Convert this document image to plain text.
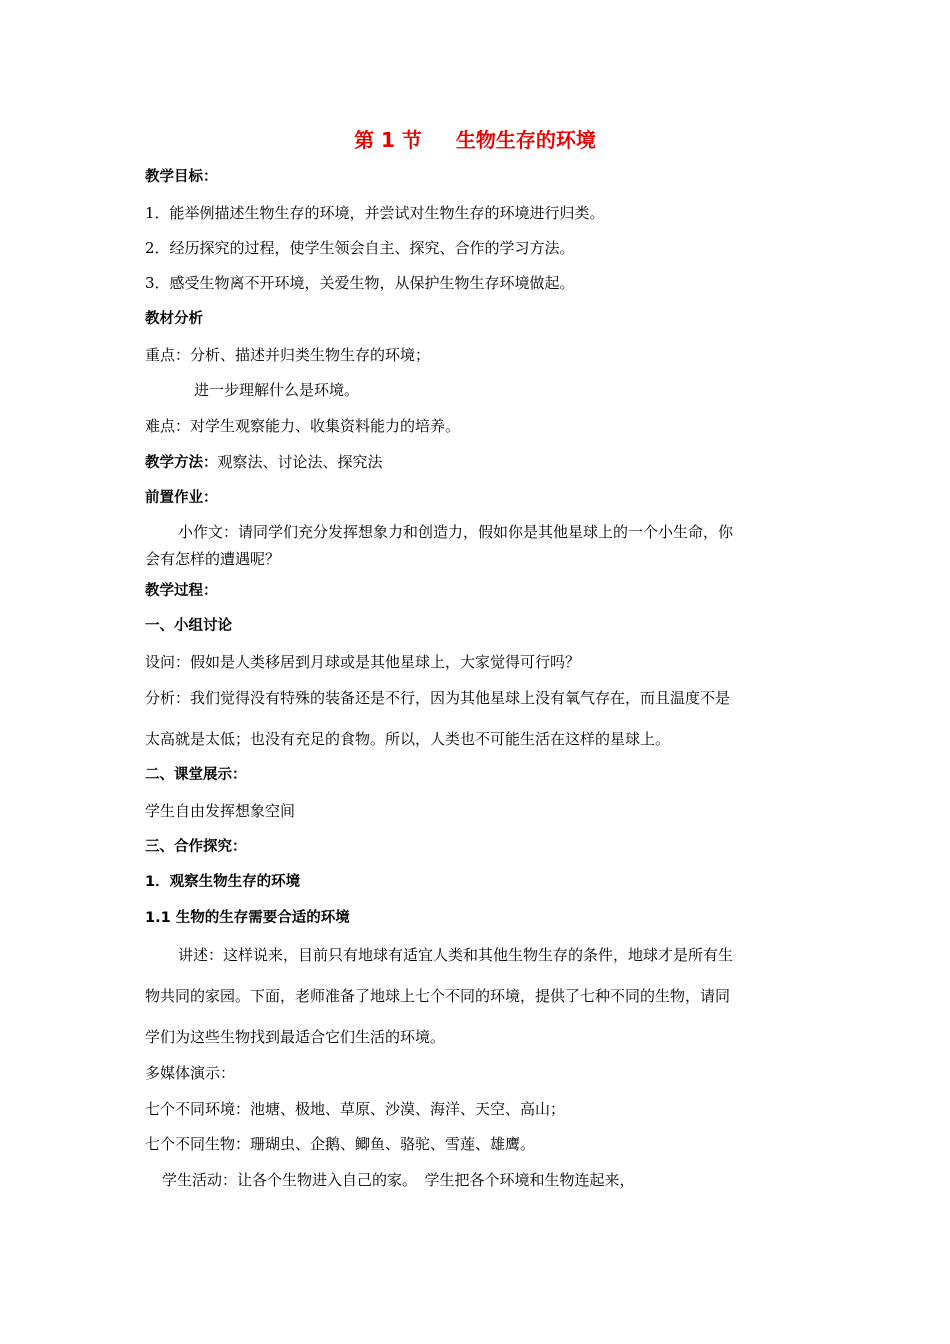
第 1 节 生物生存的环境
教学目标：
1．能举例描述生物生存的环境，并尝试对生物生存的环境进行归类。
2．经历探究的过程，使学生领会自主、探究、合作的学习方法。
3．感受生物离不开环境，关爱生物，从保护生物生存环境做起。
教材分析
重点：分析、描述并归类生物生存的环境；
进一步理解什么是环境。
难点：对学生观察能力、收集资料能力的培养。
教学方法：观察法、讨论法、探究法
前置作业：
小作文：请同学们充分发挥想象力和创造力，假如你是其他星球上的一个小生命，你
会有怎样的遭遇呢？
教学过程：
一、小组讨论
设问：假如是人类移居到月球或是其他星球上，大家觉得可行吗？
分析：我们觉得没有特殊的装备还是不行，因为其他星球上没有氧气存在，而且温度不是
太高就是太低；也没有充足的食物。所以，人类也不可能生活在这样的星球上。
二、课堂展示：
学生自由发挥想象空间
三、合作探究：
1．观察生物生存的环境
1.1 生物的生存需要合适的环境
讲述：这样说来，目前只有地球有适宜人类和其他生物生存的条件，地球才是所有生
物共同的家园。下面，老师准备了地球上七个不同的环境，提供了七种不同的生物，请同
学们为这些生物找到最适合它们生活的环境。
多媒体演示：
七个不同环境：池塘、极地、草原、沙漠、海洋、天空、高山；
七个不同生物：珊瑚虫、企鹅、鲫鱼、骆驼、雪莲、雄鹰。
学生活动：让各个生物进入自己的家。　学生把各个环境和生物连起来，
